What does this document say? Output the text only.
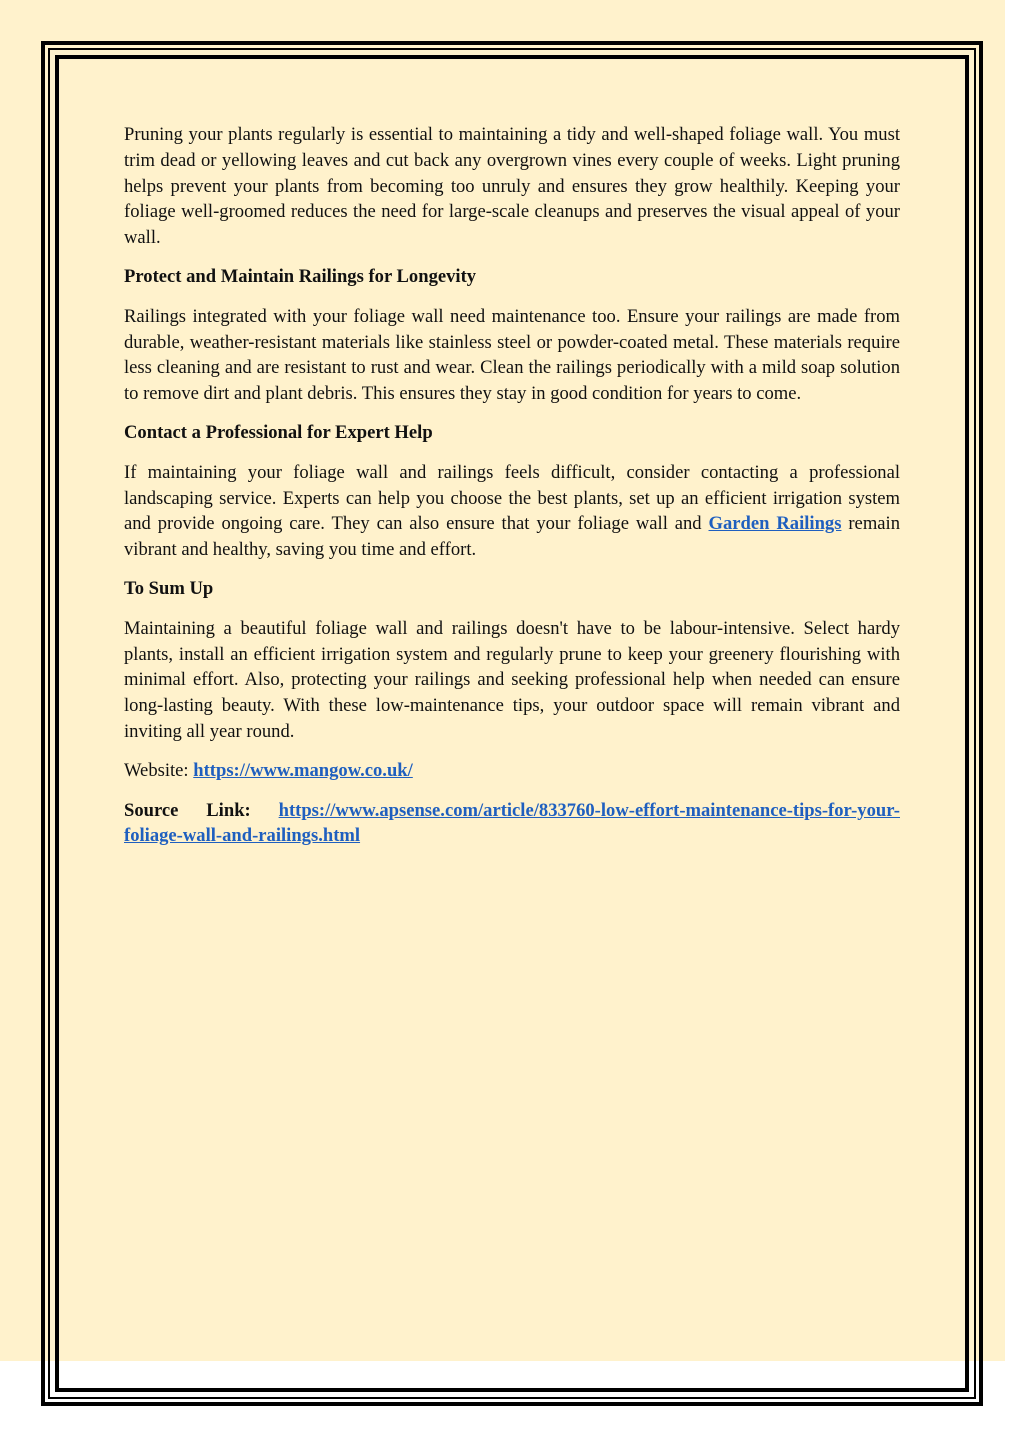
Pruning your plants regularly is essential to maintaining a tidy and well-shaped foliage wall. You must trim dead or yellowing leaves and cut back any overgrown vines every couple of weeks. Light pruning helps prevent your plants from becoming too unruly and ensures they grow healthily. Keeping your foliage well-groomed reduces the need for large-scale cleanups and preserves the visual appeal of your wall.

Protect and Maintain Railings for Longevity

Railings integrated with your foliage wall need maintenance too. Ensure your railings are made from durable, weather-resistant materials like stainless steel or powder-coated metal. These materials require less cleaning and are resistant to rust and wear. Clean the railings periodically with a mild soap solution to remove dirt and plant debris. This ensures they stay in good condition for years to come.

Contact a Professional for Expert Help

If maintaining your foliage wall and railings feels difficult, consider contacting a professional landscaping service. Experts can help you choose the best plants, set up an efficient irrigation system and provide ongoing care. They can also ensure that your foliage wall and Garden Railings remain vibrant and healthy, saving you time and effort.

To Sum Up

Maintaining a beautiful foliage wall and railings doesn't have to be labour-intensive. Select hardy plants, install an efficient irrigation system and regularly prune to keep your greenery flourishing with minimal effort. Also, protecting your railings and seeking professional help when needed can ensure long-lasting beauty. With these low-maintenance tips, your outdoor space will remain vibrant and inviting all year round.

Website: https://www.mangow.co.uk/

Source Link: https://www.apsense.com/article/833760-low-effort-maintenance-tips-for-your-foliage-wall-and-railings.html
